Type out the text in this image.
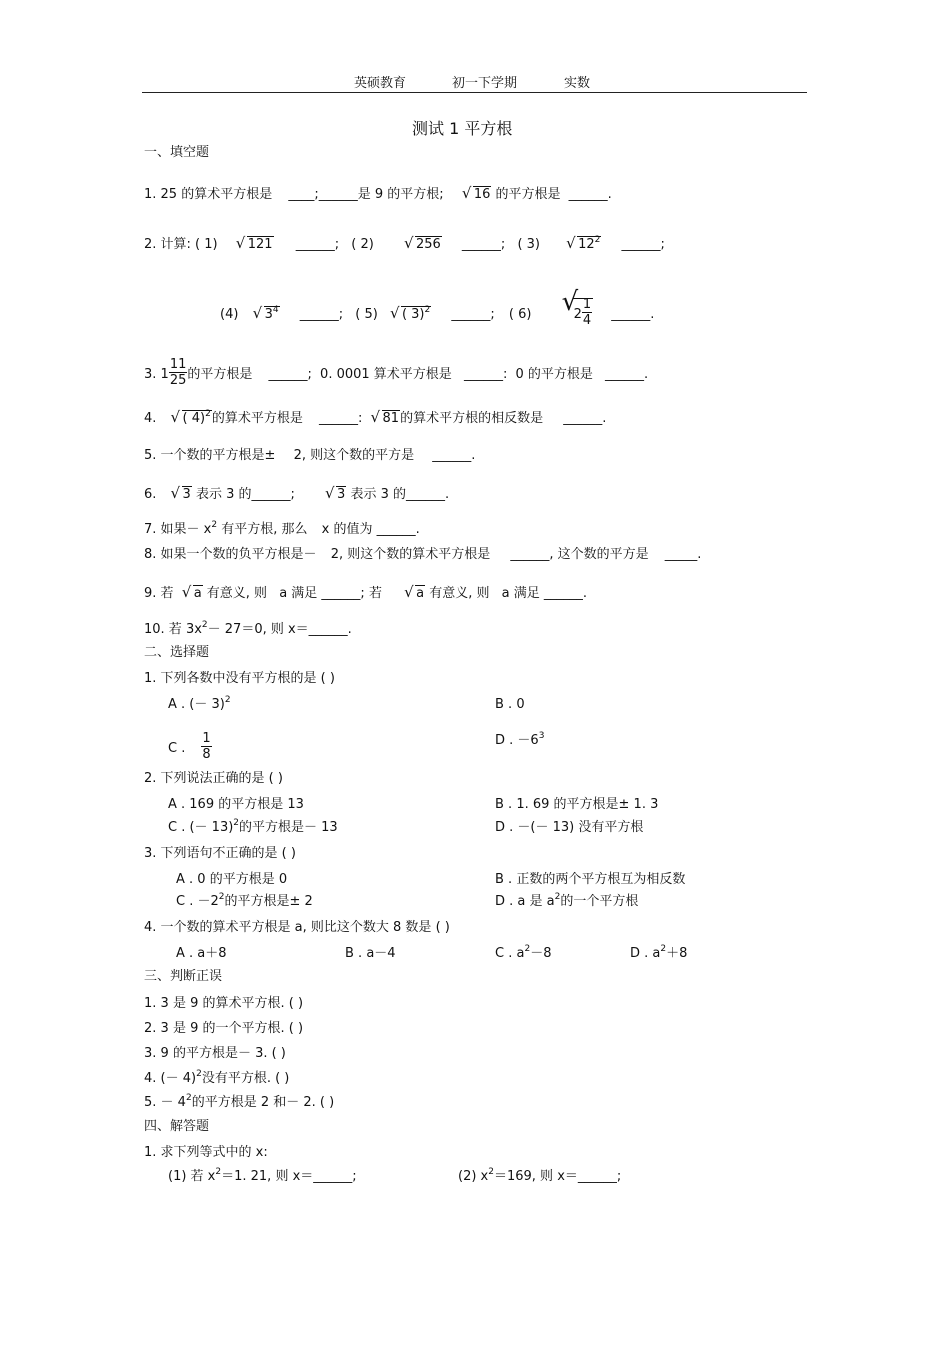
英硕教育	初一下学期	实数
测试 1 平方根
一、填空题
1. 25 的算术平方根是 ____;______是 9 的平方根; √ 16 的平方根是 ______.
2. 计算: ( 1) √ 121 ______; ( 2)	√ 256 ______; ( 3)	√ $12^2$ ______;
(4) √ $3^4$ ______; ( 5) √ ( 3)$^2$ ______; ( 6)	√ $2 \frac{1}{4}$ ______.
3. $1 \frac{11}{25}$ 的平方根是 ______; 0. 0001 算术平方根是 ______: 0 的平方根是 ______.
4. √ ( 4)$^2$的算术平方根是 ______: √ 81的算术平方根的相反数是 ______.
5. 一个数的平方根是± 2, 则这个数的平方是 ______.
6. √ 3 表示 3 的______;	√ 3 表示 3 的______.
7. 如果－ $x^2$ 有平方根, 那么 x 的值为 ______.
8. 如果一个数的负平方根是－ 2, 则这个数的算术平方根是 ______, 这个数的平方是 _____.
9. 若 √ a 有意义, 则 a 满足 ______; 若	√ a 有意义, 则 a 满足 ______.
10. 若 $3x^2- 27=0$, 则 x＝______.
二、选择题
1. 下列各数中没有平方根的是 ( )
A . (－ 3)$^2$	B . 0
C . $\frac{1}{8}$	D . $-6^3$
2. 下列说法正确的是 ( )
A . 169 的平方根是 13	B . 1. 69 的平方根是± 1. 3
C . (－ 13)$^2$的平方根是－ 13	D . －(－ 13) 没有平方根
3. 下列语句不正确的是 ( )
A . 0 的平方根是 0	B . 正数的两个平方根互为相反数
C . $-2^2$的平方根是± 2	D . a 是 $a^2$的一个平方根
4. 一个数的算术平方根是 a, 则比这个数大 8 数是 ( )
A . a＋8	B . a－4	C . $a^2-8$	D . $a^2+8$
三、判断正误
1. 3 是 9 的算术平方根. ( )
2. 3 是 9 的一个平方根. ( )
3. 9 的平方根是－ 3. ( )
4. (－ 4)$^2$没有平方根. ( )
5. － $4^2$的平方根是 2 和－ 2. ( )
四、解答题
1. 求下列等式中的 x:
(1) 若 $x^2=1$. 21, 则 x＝______;	(2) $x^2=169$, 则 x＝______;
